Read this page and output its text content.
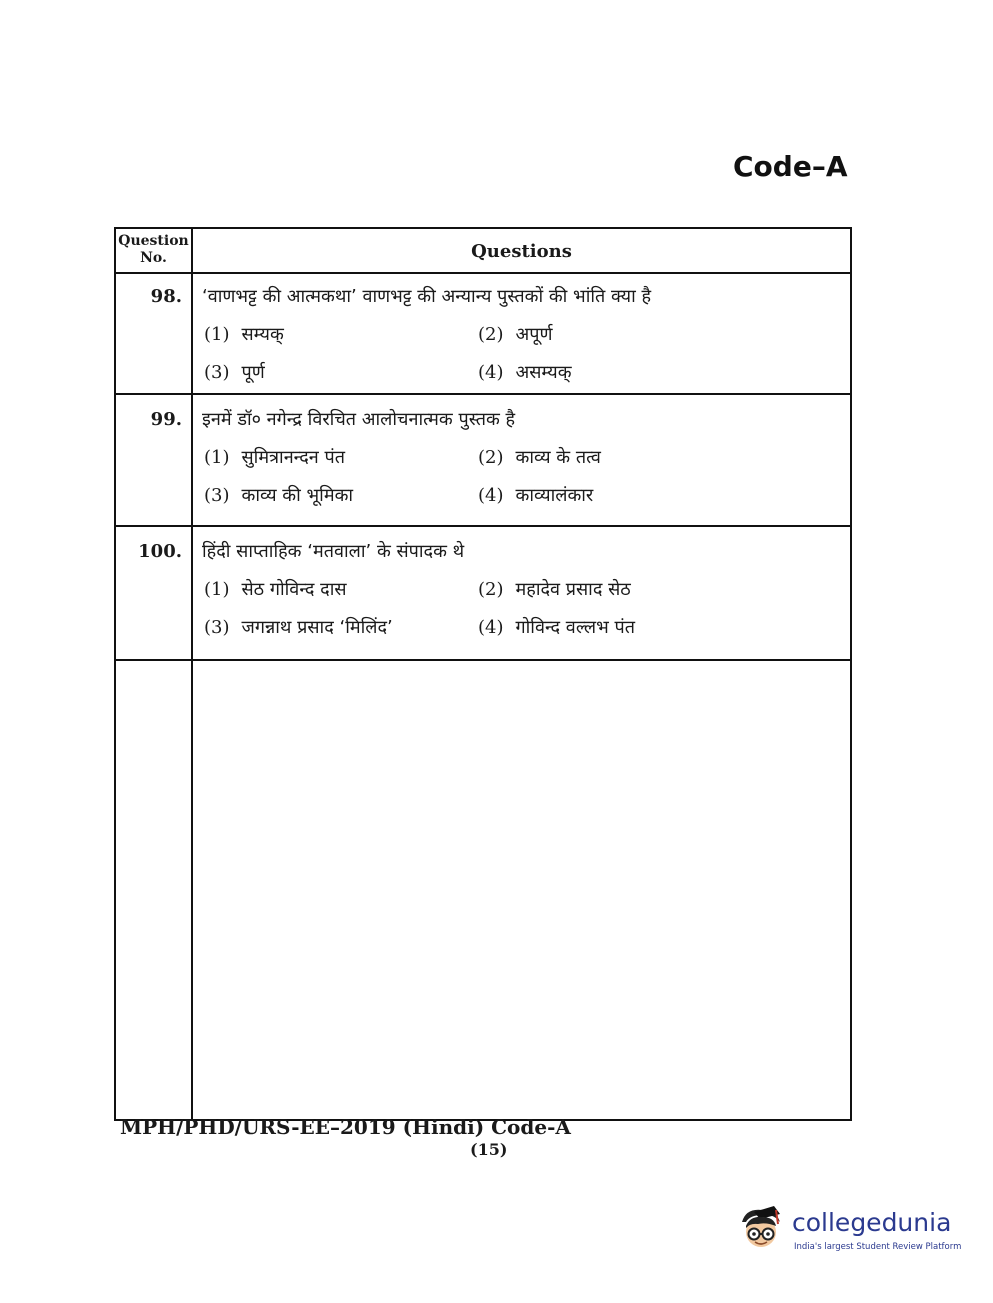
Code–A
Question No.	Questions
98. ‘वाणभट्ट की आत्मकथा’ वाणभट्ट की अन्यान्य पुस्तकों की भांति क्या है
(1) सम्यक्	(2) अपूर्ण
(3) पूर्ण	(4) असम्यक्
99. इनमें डॉ० नगेन्द्र विरचित आलोचनात्मक पुस्तक है
(1) सुमित्रानन्दन पंत	(2) काव्य के तत्व
(3) काव्य की भूमिका	(4) काव्यालंकार
100. हिंदी साप्ताहिक ‘मतवाला’ के संपादक थे
(1) सेठ गोविन्द दास	(2) महादेव प्रसाद सेठ
(3) जगन्नाथ प्रसाद ‘मिलिंद’	(4) गोविन्द वल्लभ पंत
MPH/PHD/URS-EE–2019 (Hindi) Code-A
(15)
collegedunia
India's largest Student Review Platform
